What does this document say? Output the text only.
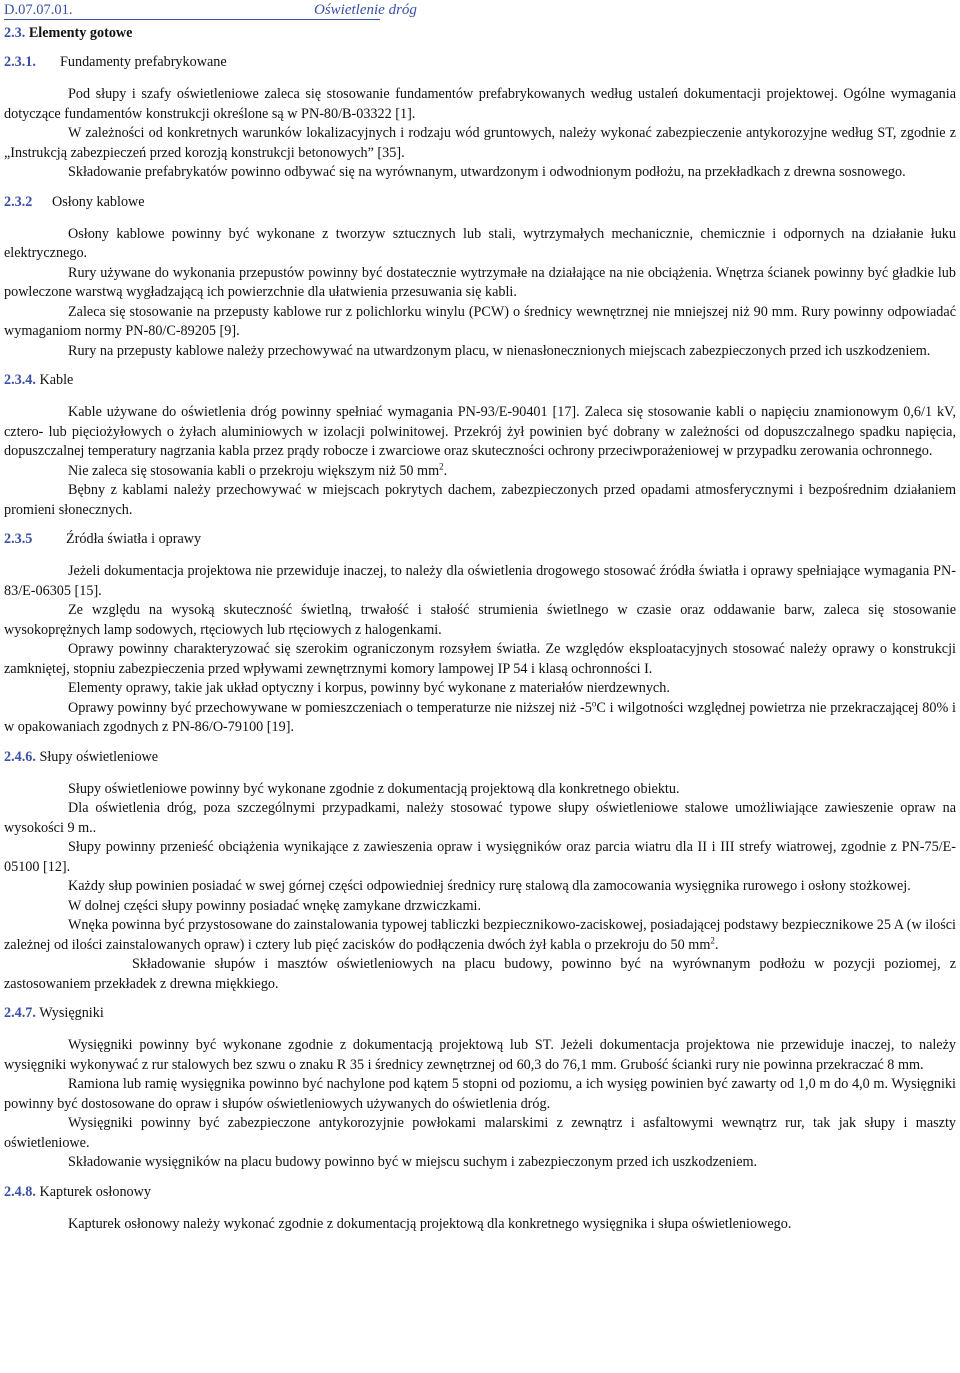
D.07.07.01.	Oświetlenie dróg
2.3. Elementy gotowe
2.3.1. Fundamenty prefabrykowane

Pod słupy i szafy oświetleniowe zaleca się stosowanie fundamentów prefabrykowanych według ustaleń dokumentacji projektowej. Ogólne wymagania dotyczące fundamentów konstrukcji określone są w PN-80/B-03322 [1].

W zależności od konkretnych warunków lokalizacyjnych i rodzaju wód gruntowych, należy wykonać zabezpieczenie antykorozyjne według ST, zgodnie z „Instrukcją zabezpieczeń przed korozją konstrukcji betonowych” [35].

Składowanie prefabrykatów powinno odbywać się na wyrównanym, utwardzonym i odwodnionym podłożu, na przekładkach z drewna sosnowego.

2.3.2 Osłony kablowe

Osłony kablowe powinny być wykonane z tworzyw sztucznych lub stali, wytrzymałych mechanicznie, chemicznie i odpornych na działanie łuku elektrycznego.

Rury używane do wykonania przepustów powinny być dostatecznie wytrzymałe na działające na nie obciążenia. Wnętrza ścianek powinny być gładkie lub powleczone warstwą wygładzającą ich powierzchnie dla ułatwienia przesuwania się kabli.

Zaleca się stosowanie na przepusty kablowe rur z polichlorku winylu (PCW) o średnicy wewnętrznej nie mniejszej niż 90 mm. Rury powinny odpowiadać wymaganiom normy PN-80/C-89205 [9].

Rury na przepusty kablowe należy przechowywać na utwardzonym placu, w nienasłonecznionych miejscach zabezpieczonych przed ich uszkodzeniem.

2.3.4. Kable

Kable używane do oświetlenia dróg powinny spełniać wymagania PN-93/E-90401 [17]. Zaleca się stosowanie kabli o napięciu znamionowym 0,6/1 kV, cztero- lub pięciożyłowych o żyłach aluminiowych w izolacji polwinitowej. Przekrój żył powinien być dobrany w zależności od dopuszczalnego spadku napięcia, dopuszczalnej temperatury nagrzania kabla przez prądy robocze i zwarciowe oraz skuteczności ochrony przeciwporażeniowej w przypadku zerowania ochronnego.

Nie zaleca się stosowania kabli o przekroju większym niż 50 $mm^2$.

Bębny z kablami należy przechowywać w miejscach pokrytych dachem, zabezpieczonych przed opadami atmosferycznymi i bezpośrednim działaniem promieni słonecznych.

2.3.5 Źródła światła i oprawy

Jeżeli dokumentacja projektowa nie przewiduje inaczej, to należy dla oświetlenia drogowego stosować źródła światła i oprawy spełniające wymagania PN-83/E-06305 [15].

Ze względu na wysoką skuteczność świetlną, trwałość i stałość strumienia świetlnego w czasie oraz oddawanie barw, zaleca się stosowanie wysokoprężnych lamp sodowych, rtęciowych lub rtęciowych z halogenkami.

Oprawy powinny charakteryzować się szerokim ograniczonym rozsyłem światła. Ze względów eksploatacyjnych stosować należy oprawy o konstrukcji zamkniętej, stopniu zabezpieczenia przed wpływami zewnętrznymi komory lampowej IP 54 i klasą ochronności I.

Elementy oprawy, takie jak układ optyczny i korpus, powinny być wykonane z materiałów nierdzewnych.

Oprawy powinny być przechowywane w pomieszczeniach o temperaturze nie niższej niż -5$^o$C i wilgotności względnej powietrza nie przekraczającej 80% i w opakowaniach zgodnych z PN-86/O-79100 [19].

2.4.6. Słupy oświetleniowe

Słupy oświetleniowe powinny być wykonane zgodnie z dokumentacją projektową dla konkretnego obiektu.

Dla oświetlenia dróg, poza szczególnymi przypadkami, należy stosować typowe słupy oświetleniowe stalowe umożliwiające zawieszenie opraw na wysokości 9 m..

Słupy powinny przenieść obciążenia wynikające z zawieszenia opraw i wysięgników oraz parcia wiatru dla II i III strefy wiatrowej, zgodnie z PN-75/E-05100 [12].

Każdy słup powinien posiadać w swej górnej części odpowiedniej średnicy rurę stalową dla zamocowania wysięgnika rurowego i osłony stożkowej.

W dolnej części słupy powinny posiadać wnękę zamykane drzwiczkami.

Wnęka powinna być przystosowane do zainstalowania typowej tabliczki bezpiecznikowo-zaciskowej, posiadającej podstawy bezpiecznikowe 25 A (w ilości zależnej od ilości zainstalowanych opraw) i cztery lub pięć zacisków do podłączenia dwóch żył kabla o przekroju do 50 $mm^2$.

Składowanie słupów i masztów oświetleniowych na placu budowy, powinno być na wyrównanym podłożu w pozycji poziomej, z zastosowaniem przekładek z drewna miękkiego.

2.4.7. Wysięgniki

Wysięgniki powinny być wykonane zgodnie z dokumentacją projektową lub ST. Jeżeli dokumentacja projektowa nie przewiduje inaczej, to należy wysięgniki wykonywać z rur stalowych bez szwu o znaku R 35 i średnicy zewnętrznej od 60,3 do 76,1 mm. Grubość ścianki rury nie powinna przekraczać 8 mm.

Ramiona lub ramię wysięgnika powinno być nachylone pod kątem 5 stopni od poziomu, a ich wysięg powinien być zawarty od 1,0 m do 4,0 m. Wysięgniki powinny być dostosowane do opraw i słupów oświetleniowych używanych do oświetlenia dróg.

Wysięgniki powinny być zabezpieczone antykorozyjnie powłokami malarskimi z zewnątrz i asfaltowymi wewnątrz rur, tak jak słupy i maszty oświetleniowe.

Składowanie wysięgników na placu budowy powinno być w miejscu suchym i zabezpieczonym przed ich uszkodzeniem.

2.4.8. Kapturek osłonowy

Kapturek osłonowy należy wykonać zgodnie z dokumentacją projektową dla konkretnego wysięgnika i słupa oświetleniowego.
